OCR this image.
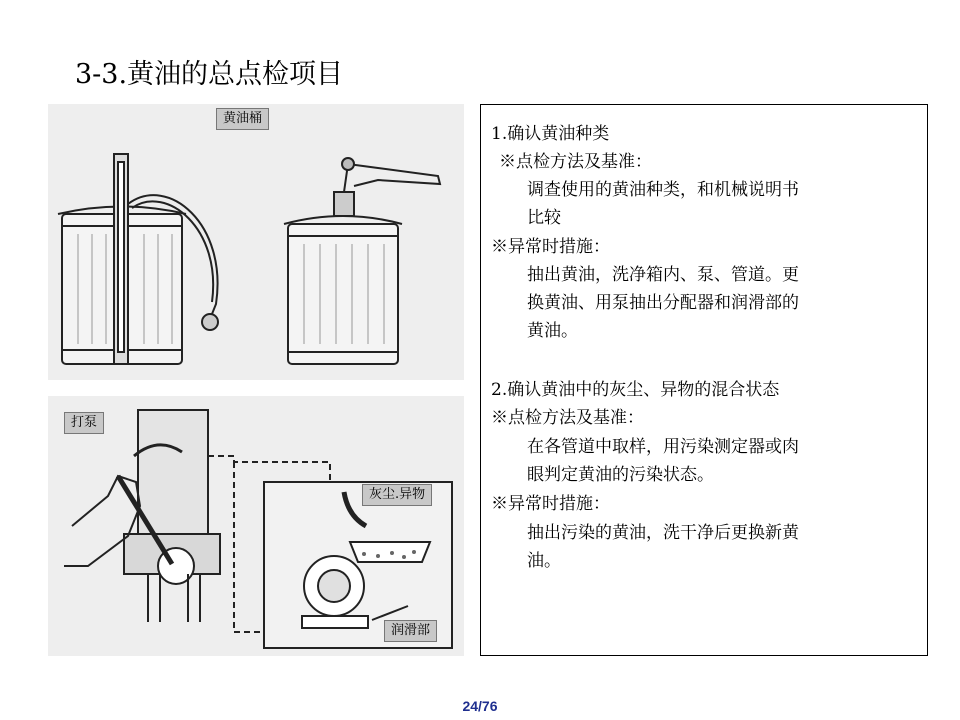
3-3.黄油的总点检项目
黄油桶
打泵
灰尘.异物
润滑部
1.确认黄油种类
※点检方法及基准：
调查使用的黄油种类，和机械说明书
比较
※异常时措施：
抽出黄油，洗净箱内、泵、管道。更
换黄油、用泵抽出分配器和润滑部的
黄油。
2.确认黄油中的灰尘、异物的混合状态
※点检方法及基准：
在各管道中取样，用污染测定器或肉
眼判定黄油的污染状态。
※异常时措施：
抽出污染的黄油，洗干净后更换新黄
油。
24/76
